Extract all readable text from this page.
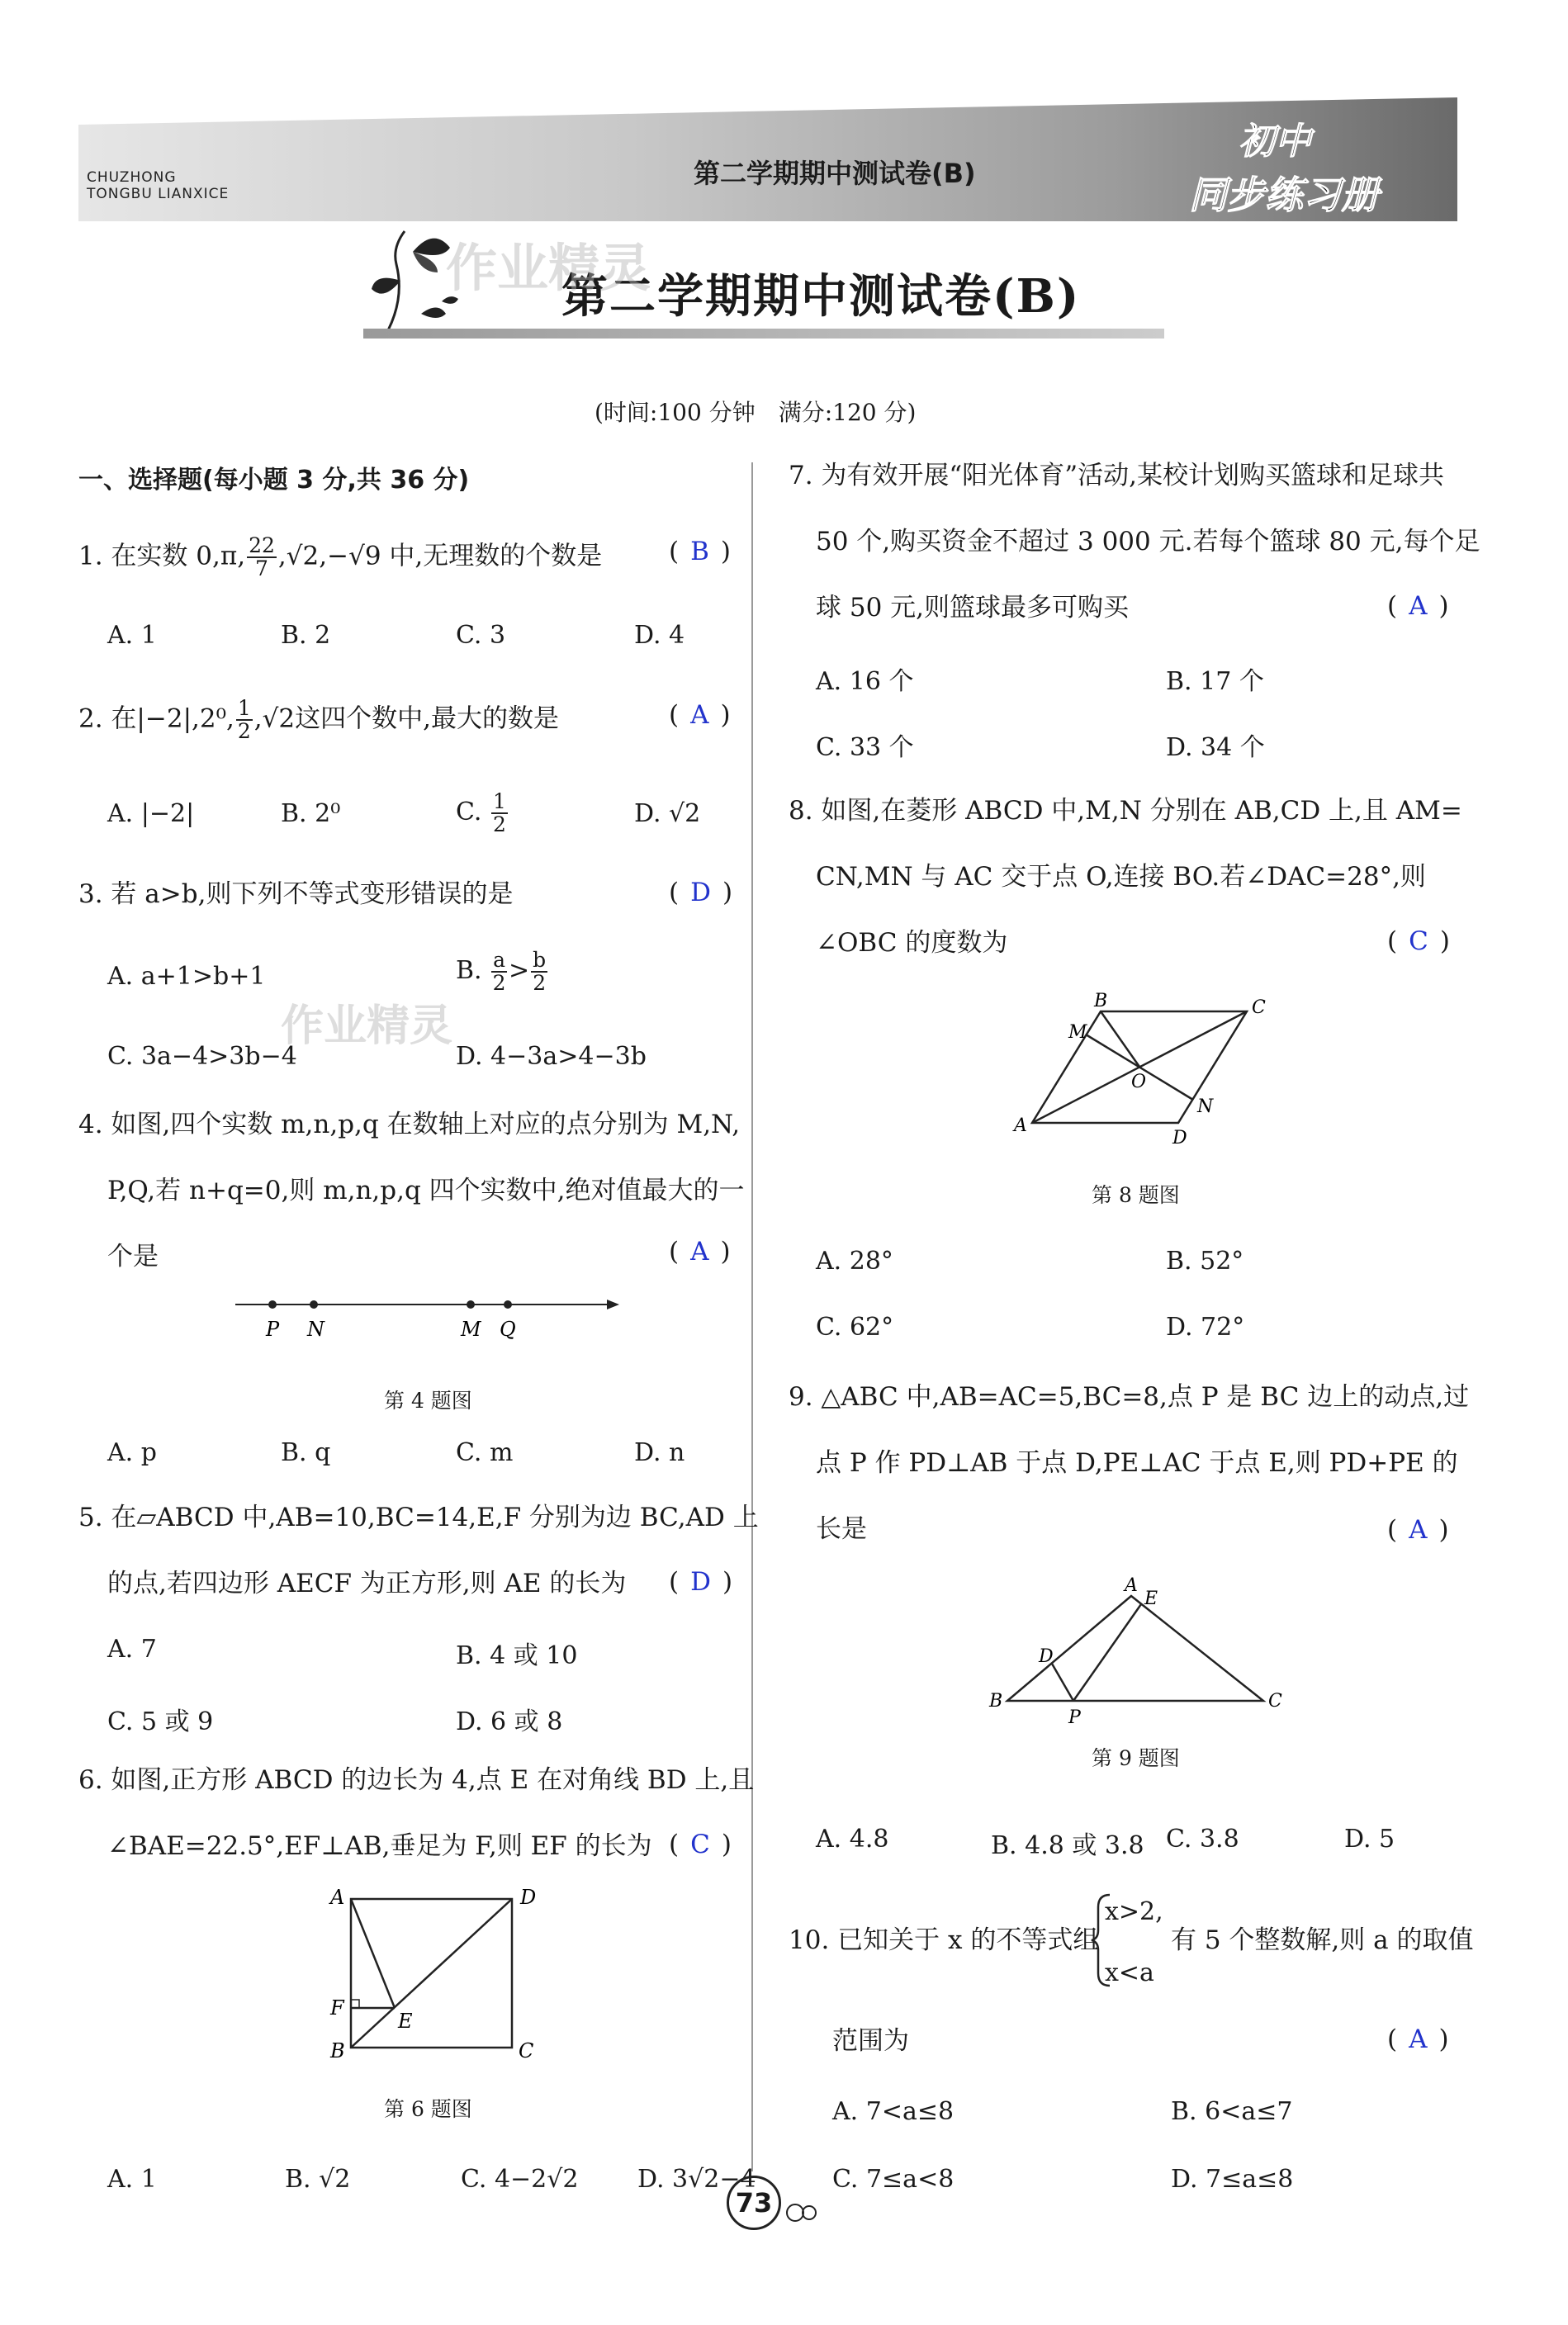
CHUZHONG
TONGBU LIANXICE
第二学期期中测试卷(B)
初中
同步练习册
第二学期期中测试卷(B)
作业精灵
(时间:100 分钟　满分:120 分)
一、选择题(每小题 3 分,共 36 分)
1. 在实数 0,π, $\frac{22}{7} ,√2,-√9$ 中,无理数的个数是	( B )
A. 1	B. 2	C. 3	D. 4
2. 在|−2|,2⁰, $\frac{1}{2} ,√2$这四个数中,最大的数是	( A )
A. |−2|	B. 2⁰	C. $\frac{1}{2}$	D. √2
3. 若 a>b,则下列不等式变形错误的是	( D )
A. a+1>b+1	B. $\frac{a}{2} > \frac{b}{2}$
作业精灵
C. 3a−4>3b−4	D. 4−3a>4−3b
4. 如图,四个实数 m,n,p,q 在数轴上对应的点分别为 M,N,
P,Q,若 n+q=0,则 m,n,p,q 四个实数中,绝对值最大的一
个是	( A )
P N	M Q
第 4 题图
A. p	B. q	C. m	D. n
5. 在▱ABCD 中,AB=10,BC=14,E,F 分别为边 BC,AD 上
的点,若四边形 AECF 为正方形,则 AE 的长为 ( D )
A. 7	B. 4 或 10
C. 5 或 9	D. 6 或 8
6. 如图,正方形 ABCD 的边长为 4,点 E 在对角线 BD 上,且
∠BAE=22.5°,EF⊥AB,垂足为 F,则 EF 的长为 ( C )
A	D
F
E
B	C
第 6 题图
A. 1	B. √2	C. 4−2√2 D. 3√2−4
7. 为有效开展“阳光体育”活动,某校计划购买篮球和足球共
50 个,购买资金不超过 3 000 元.若每个篮球 80 元,每个足
球 50 元,则篮球最多可购买	( A )
A. 16 个	B. 17 个
C. 33 个	D. 34 个
8. 如图,在菱形 ABCD 中,M,N 分别在 AB,CD 上,且 AM=
CN,MN 与 AC 交于点 O,连接 BO.若∠DAC=28°,则
∠OBC 的度数为	( C )
B	C
M
O
N
A
D
第 8 题图
A. 28°	B. 52°
C. 62°	D. 72°
9. △ABC 中,AB=AC=5,BC=8,点 P 是 BC 边上的动点,过
点 P 作 PD⊥AB 于点 D,PE⊥AC 于点 E,则 PD+PE 的
长是	( A )
A
E
D
B
P
C
第 9 题图
A. 4.8	B. 4.8 或 3.8 C. 3.8	D. 5
10. 已知关于 x 的不等式组
x>2,
x<a
有 5 个整数解,则 a 的取值
范围为	( A )
A. 7<a≤8	B. 6<a≤7
C. 7≤a<8	D. 7≤a≤8
73
